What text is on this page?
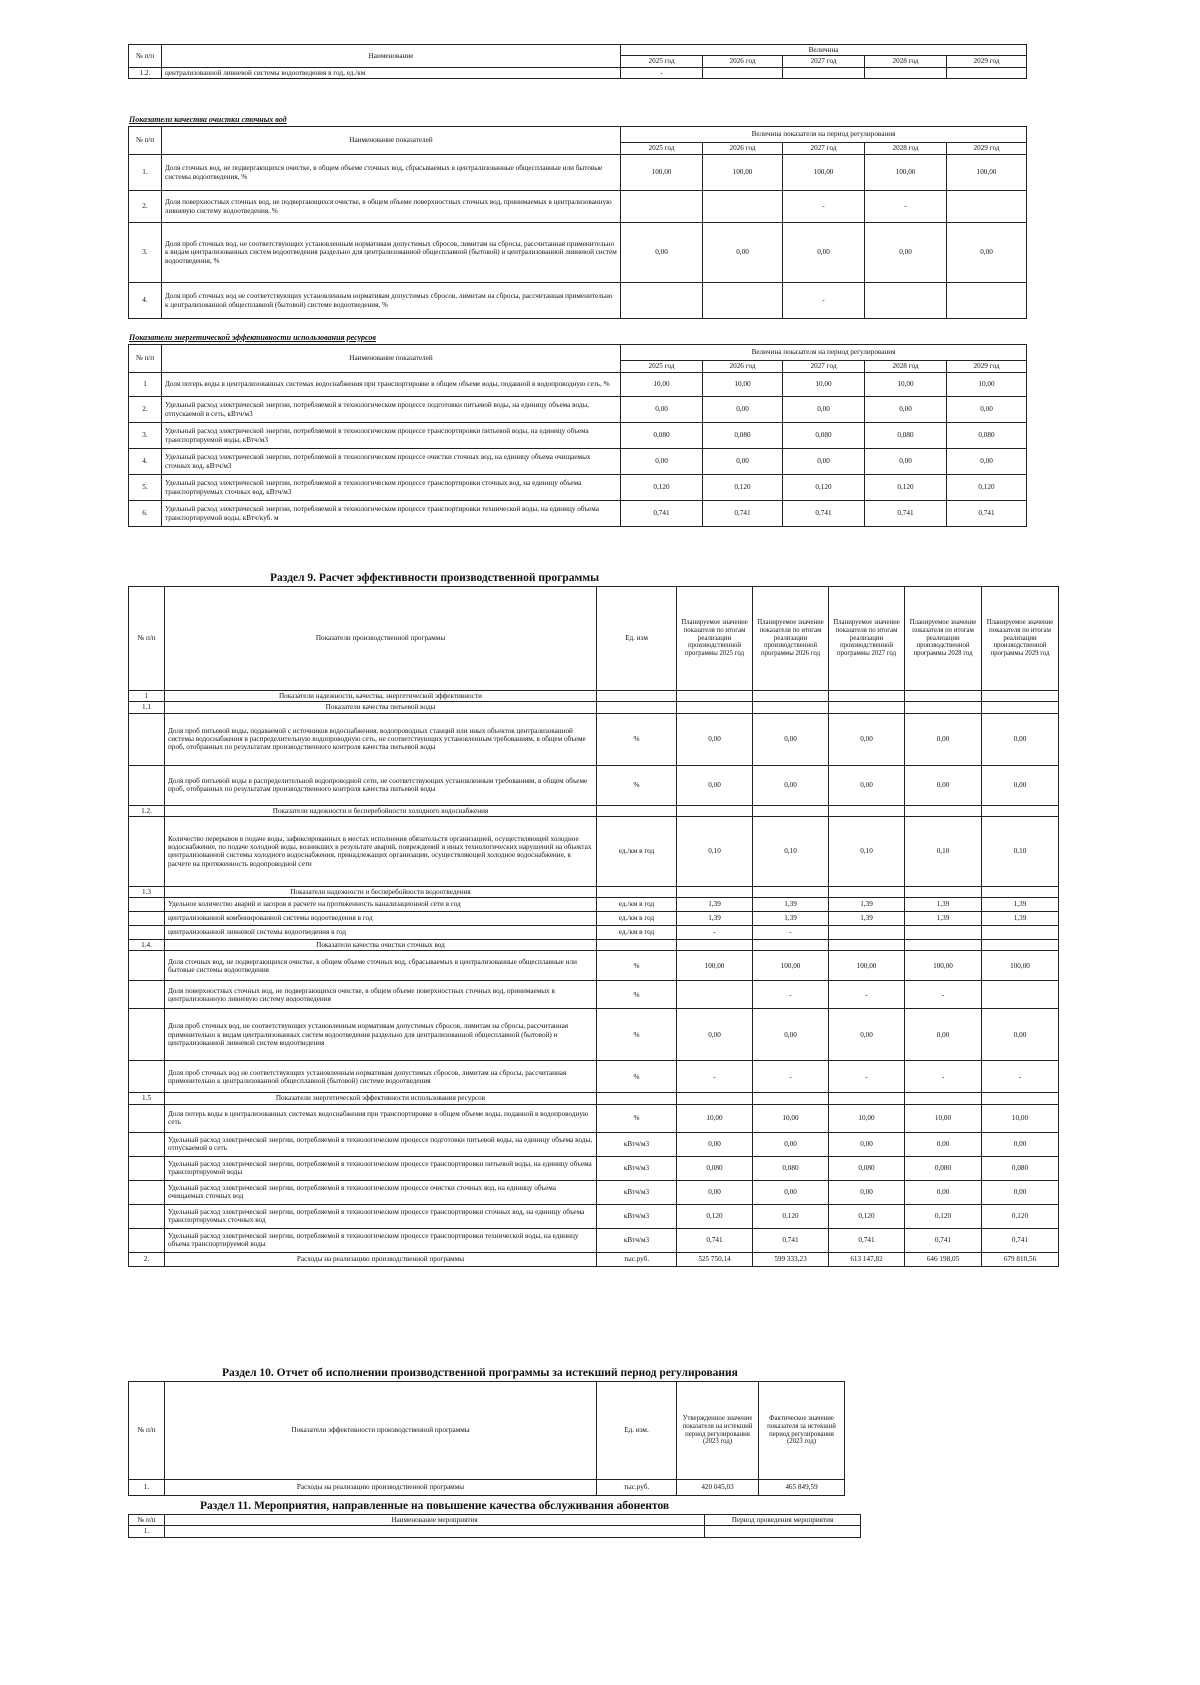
№ п/п	Наименование	Величина				
		2025 год	2026 год	2027 год	2028 год	2029 год
1.2.	централизованной ливневой системы водоотведения в год, ед./км	-				
Показатели качества очистки сточных вод
№ п/п	Наименование показателей	Величина показателя на период регулирования				
		2025 год	2026 год	2027 год	2028 год	2029 год
1.	Доля сточных вод, не подвергающихся очистке, в общем объеме сточных вод, сбрасываемых в централизованные общесплавные или бытовые системы водоотведения, %	100,00	100,00	100,00	100,00	100,00
2.	Доля поверхностных сточных вод, не подвергающихся очистке, в общем объеме поверхностных сточных вод, принимаемых в централизованную ливневую систему водоотведения, %			-	-	
3.	Доля проб сточных вод, не соответствующих установленным нормативам допустимых сбросов, лимитам на сбросы, рассчитанная применительно к видам централизованных систем водоотведения раздельно для централизованной общесплавной (бытовой) и централизованной ливневой систем водоотведения, %	0,00	0,00	0,00	0,00	0,00
4.	Доля проб сточных вод не соответствующих установленным нормативам допустимых сбросов, лимитам на сбросы, рассчитанная применительно к централизованной общесплавной (бытовой) системе водоотведения, %			-		
Показатели энергетической эффективности использования ресурсов
№ п/п	Наименование показателей	Величина показателя на период регулирования				
		2025 год	2026 год	2027 год	2028 год	2029 год
1	Доля потерь воды в централизованных системах водоснабжения при транспортировке в общем объеме воды, поданной в водопроводную сеть, %	10,00	10,00	10,00	10,00	10,00
2.	Удельный расход электрической энергии, потребляемой в технологическом процессе подготовки питьевой воды, на единицу объема воды, отпускаемой в сеть, кВтч/м3	0,00	0,00	0,00	0,00	0,00
3.	Удельный расход электрической энергии, потребляемой в технологическом процессе транспортировки питьевой воды, на единицу объема транспортируемой воды, кВтч/м3	0,080	0,080	0,080	0,080	0,080
4.	Удельный расход электрической энергии, потребляемой в технологическом процессе очистки сточных вод, на единицу объема очищаемых сточных вод, кВтч/м3	0,00	0,00	0,00	0,00	0,00
5.	Удельный расход электрической энергии, потребляемой в технологическом процессе транспортировки сточных вод, на единицу объема транспортируемых сточных вод, кВтч/м3	0,120	0,120	0,120	0,120	0,120
6.	Удельный расход электрической энергии, потребляемой в технологическом процессе транспортировки технической воды, на единицу объема транспортируемой воды, кВтч/куб. м	0,741	0,741	0,741	0,741	0,741
Раздел 9. Расчет эффективности производственной программы
№ п/п	Показатели производственной программы	Ед. изм	Планируемое значение показателя по итогам реализации производственной программы 2025 год	Планируемое значение показателя по итогам реализации производственной программы 2026 год	Планируемое значение показателя по итогам реализации производственной программы 2027 год	Планируемое значение показателя по итогам реализации производственной программы 2028 год	Планируемое значение показателя по итогам реализации производственной программы 2029 год
1	Показатели надежности, качества, энергетической эффективности						
1.1	Показатели качества питьевой воды						
	Доля проб питьевой воды, подаваемой с источников водоснабжения, водопроводных станций или иных объектов централизованной системы водоснабжения в распределительную водопроводную сеть, не соответствующих установленным требованиям, в общем объеме проб, отобранных по результатам производственного контроля качества питьевой воды	%	0,00	0,00	0,00	0,00	0,00
	Доля проб питьевой воды в распределительной водопроводной сети, не соответствующих установленным требованиям, в общем объеме проб, отобранных по результатам производственного контроля качества питьевой воды	%	0,00	0,00	0,00	0,00	0,00
1.2.	Показатели надежности и бесперебойности холодного водоснабжения						
	Количество перерывов в подаче воды, зафиксированных в местах исполнения обязательств организацией, осуществляющей холодное водоснабжение, по подаче холодной воды, возникших в результате аварий, повреждений и иных технологических нарушений на объектах централизованной системы холодного водоснабжения, принадлежащих организации, осуществляющей холодное водоснабжение, в расчете на протяженность водопроводной сети	ед./км в год	0,10	0,10	0,10	0,10	0,10
1.3	Показатели надежности и бесперебойности водоотведения						
	Удельное количество аварий и засоров в расчете на протяженность канализационной сети в год	ед./км в год	1,39	1,39	1,39	1,39	1,39
	централизованной комбинированной системы водоотведения в год	ед./км в год	1,39	1,39	1,39	1,39	1,39
	централизованной ливневой системы водоотведения в год	ед./км в год	-	-			
1.4.	Показатели качества очистки сточных вод						
	Доля сточных вод, не подвергающихся очистке, в общем объеме сточных вод, сбрасываемых в централизованные общесплавные или бытовые системы водоотведения	%	100,00	100,00	100,00	100,00	100,00
	Доля поверхностных сточных вод, не подвергающихся очистке, в общем объеме поверхностных сточных вод, принимаемых в централизованную ливневую систему водоотведения	%		-	-	-	
	Доля проб сточных вод, не соответствующих установленным нормативам допустимых сбросов, лимитам на сбросы, рассчитанная применительно к видам централизованных систем водоотведения раздельно для централизованной общесплавной (бытовой) и централизованной ливневой систем водоотведения	%	0,00	0,00	0,00	0,00	0,00
	Доля проб сточных вод не соответствующих установленным нормативам допустимых сбросов, лимитам на сбросы, рассчитанная применительно к централизованной общесплавной (бытовой) системе водоотведения	%	-	-	-	-	-
1.5	Показатели энергетической эффективности использования ресурсов						
	Доля потерь воды в централизованных системах водоснабжения при транспортировке в общем объеме воды, поданной в водопроводную сеть	%	10,00	10,00	10,00	10,00	10,00
	Удельный расход электрической энергии, потребляемой в технологическом процессе подготовки питьевой воды, на единицу объема воды, отпускаемой в сеть	кВтч/м3	0,00	0,00	0,00	0,00	0,00
	Удельный расход электрической энергии, потребляемой в технологическом процессе транспортировки питьевой воды, на единицу объема транспортируемой воды	кВтч/м3	0,080	0,080	0,080	0,080	0,080
	Удельный расход электрической энергии, потребляемой в технологическом процессе очистки сточных вод, на единицу объема очищаемых сточных вод	кВтч/м3	0,00	0,00	0,00	0,00	0,00
	Удельный расход электрической энергии, потребляемой в технологическом процессе транспортировки сточных вод, на единицу объема транспортируемых сточных вод	кВтч/м3	0,120	0,120	0,120	0,120	0,120
	Удельный расход электрической энергии, потребляемой в технологическом процессе транспортировки технической воды, на единицу объема транспортируемой воды	кВтч/м3	0,741	0,741	0,741	0,741	0,741
2.	Расходы на реализацию производственной программы	тыс.руб.	525 750,14	599 333,23	613 147,82	646 198,05	679 810,56
Раздел 10. Отчет об исполнении производственной программы за истекший период регулирования
№ п/п	Показатели эффективности производственной программы	Ед. изм.	Утвержденное значение показателя на истекший период регулирования (2023 год)	Фактическое значение показателя за истекший период регулирования (2023 год)
1.	Расходы на реализацию производственной программы	тыс.руб.	420 045,03	465 849,59
Раздел 11. Мероприятия, направленные на повышение качества обслуживания абонентов
№ п/п	Наименование мероприятия	Период проведения мероприятия
1.		
